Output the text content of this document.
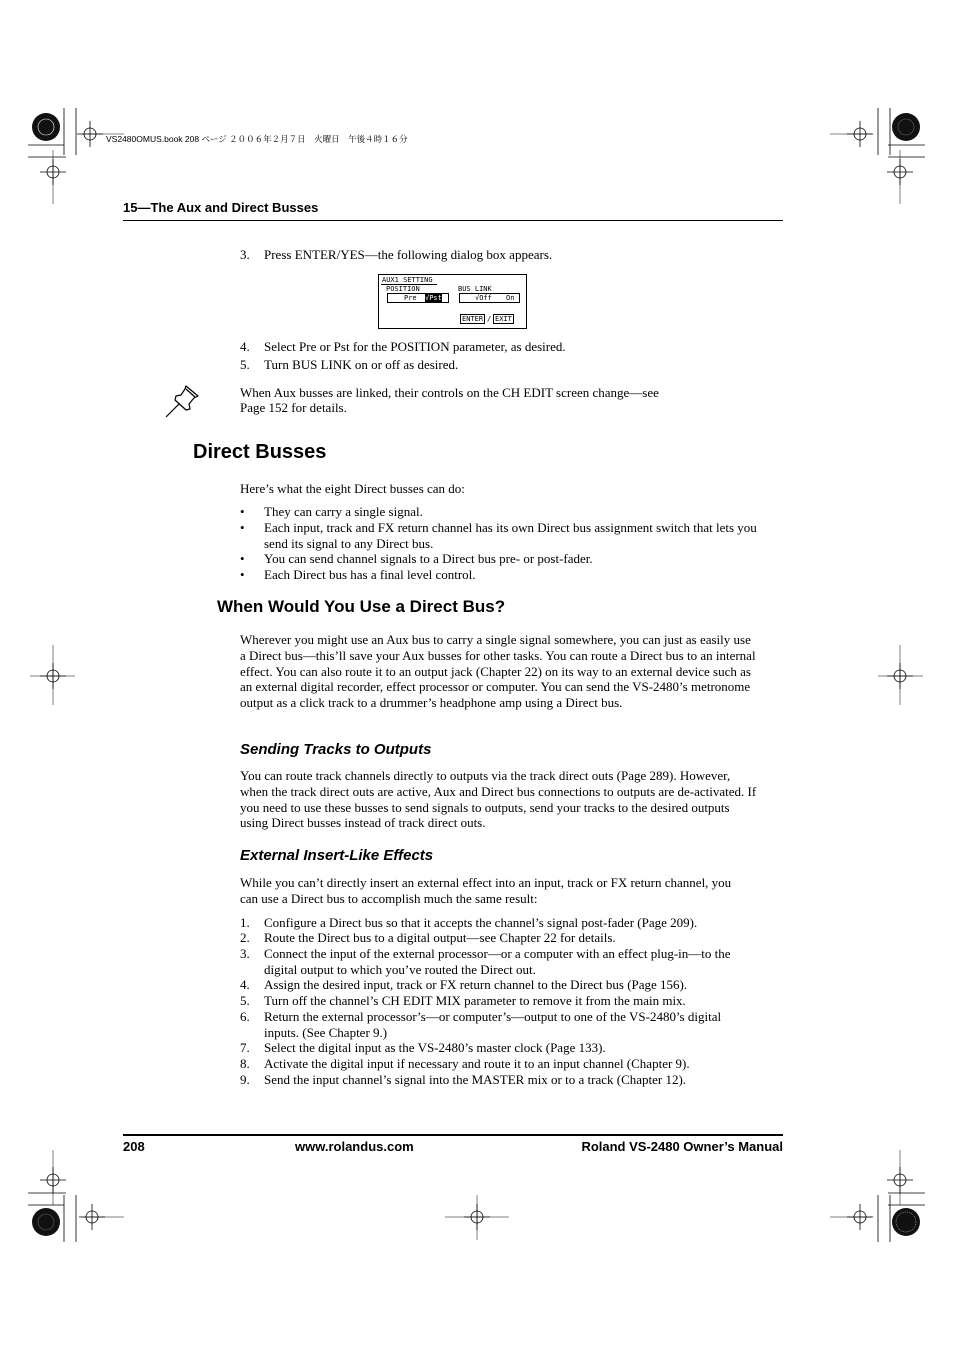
VS2480OMUS.book 208 ページ ２００６年２月７日　火曜日　午後４時１６分
15—The Aux and Direct Busses
3. Press ENTER/YES—the following dialog box appears.
AUX1 SETTING
POSITION
Pre √Pst
BUS LINK
√Off On
ENTER / EXIT
4. Select Pre or Pst for the POSITION parameter, as desired.
5. Turn BUS LINK on or off as desired.
When Aux busses are linked, their controls on the CH EDIT screen change—see
Page 152 for details.
Direct Busses
Here’s what the eight Direct busses can do:
• They can carry a single signal.
• Each input, track and FX return channel has its own Direct bus assignment switch that lets you send its signal to any Direct bus.
• You can send channel signals to a Direct bus pre- or post-fader.
• Each Direct bus has a final level control.
When Would You Use a Direct Bus?
Wherever you might use an Aux bus to carry a single signal somewhere, you can just as easily use a Direct bus—this’ll save your Aux busses for other tasks. You can route a Direct bus to an internal effect. You can also route it to an output jack (Chapter 22) on its way to an external device such as an external digital recorder, effect processor or computer. You can send the VS-2480’s metronome output as a click track to a drummer’s headphone amp using a Direct bus.
Sending Tracks to Outputs
You can route track channels directly to outputs via the track direct outs (Page 289). However, when the track direct outs are active, Aux and Direct bus connections to outputs are de-activated. If you need to use these busses to send signals to outputs, send your tracks to the desired outputs using Direct busses instead of track direct outs.
External Insert-Like Effects
While you can’t directly insert an external effect into an input, track or FX return channel, you can use a Direct bus to accomplish much the same result:
1. Configure a Direct bus so that it accepts the channel’s signal post-fader (Page 209).
2. Route the Direct bus to a digital output—see Chapter 22 for details.
3. Connect the input of the external processor—or a computer with an effect plug-in—to the digital output to which you’ve routed the Direct out.
4. Assign the desired input, track or FX return channel to the Direct bus (Page 156).
5. Turn off the channel’s CH EDIT MIX parameter to remove it from the main mix.
6. Return the external processor’s—or computer’s—output to one of the VS-2480’s digital inputs. (See Chapter 9.)
7. Select the digital input as the VS-2480’s master clock (Page 133).
8. Activate the digital input if necessary and route it to an input channel (Chapter 9).
9. Send the input channel’s signal into the MASTER mix or to a track (Chapter 12).
208	www.rolandus.com	Roland VS-2480 Owner’s Manual
